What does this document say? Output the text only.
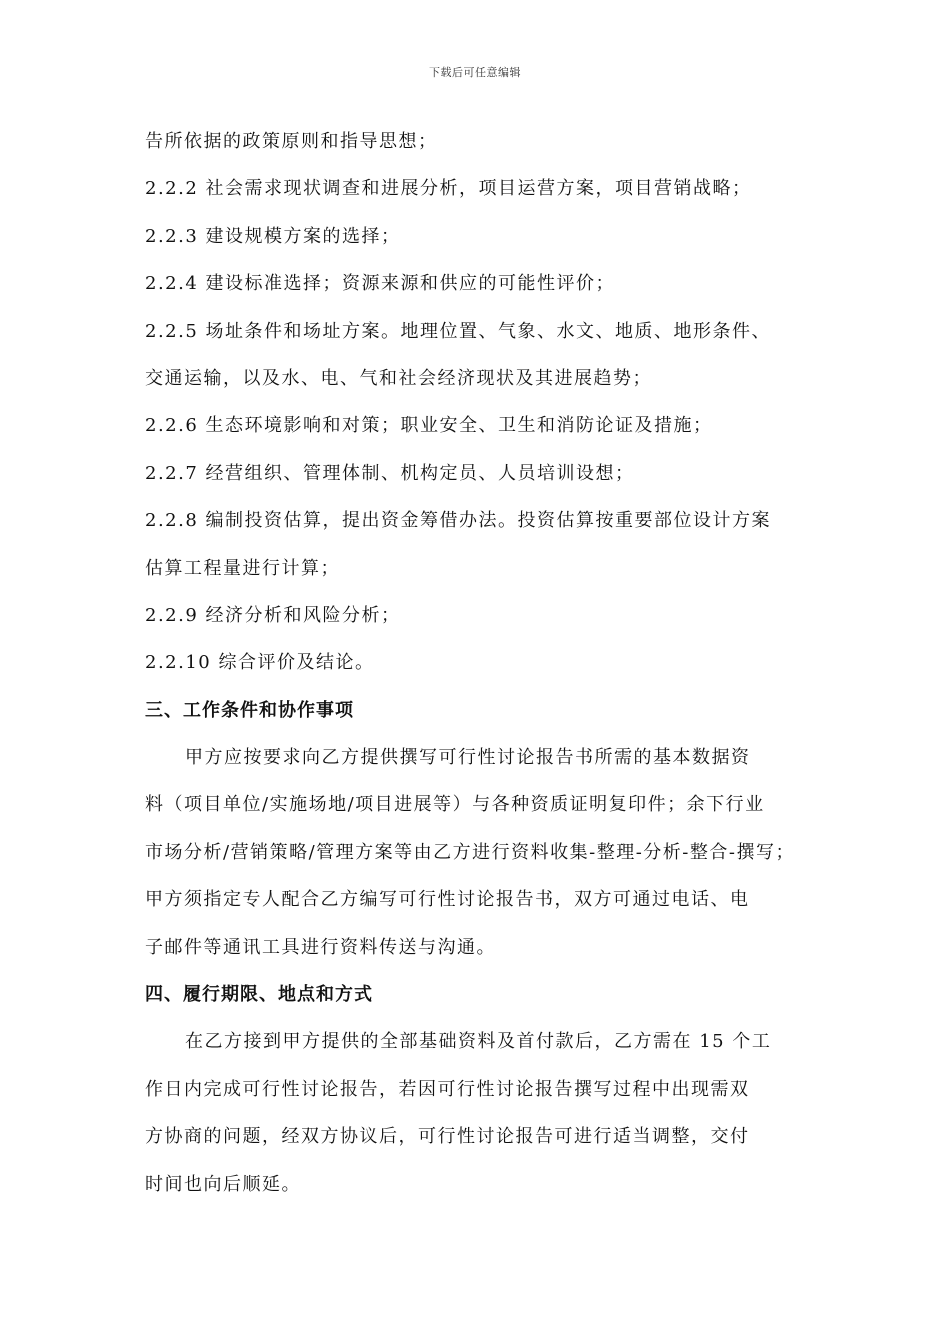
下载后可任意编辑
告所依据的政策原则和指导思想；
2.2.2 社会需求现状调查和进展分析，项目运营方案，项目营销战略；
2.2.3 建设规模方案的选择；
2.2.4 建设标准选择；资源来源和供应的可能性评价；
2.2.5 场址条件和场址方案。地理位置、气象、水文、地质、地形条件、
交通运输，以及水、电、气和社会经济现状及其进展趋势；
2.2.6 生态环境影响和对策；职业安全、卫生和消防论证及措施；
2.2.7 经营组织、管理体制、机构定员、人员培训设想；
2.2.8 编制投资估算，提出资金筹借办法。投资估算按重要部位设计方案
估算工程量进行计算；
2.2.9 经济分析和风险分析；
2.2.10 综合评价及结论。
三、工作条件和协作事项
甲方应按要求向乙方提供撰写可行性讨论报告书所需的基本数据资
料（项目单位/实施场地/项目进展等）与各种资质证明复印件；余下行业
市场分析/营销策略/管理方案等由乙方进行资料收集-整理-分析-整合-撰写；
甲方须指定专人配合乙方编写可行性讨论报告书，双方可通过电话、电
子邮件等通讯工具进行资料传送与沟通。
四、履行期限、地点和方式
在乙方接到甲方提供的全部基础资料及首付款后，乙方需在 15 个工
作日内完成可行性讨论报告，若因可行性讨论报告撰写过程中出现需双
方协商的问题，经双方协议后，可行性讨论报告可进行适当调整，交付
时间也向后顺延。
